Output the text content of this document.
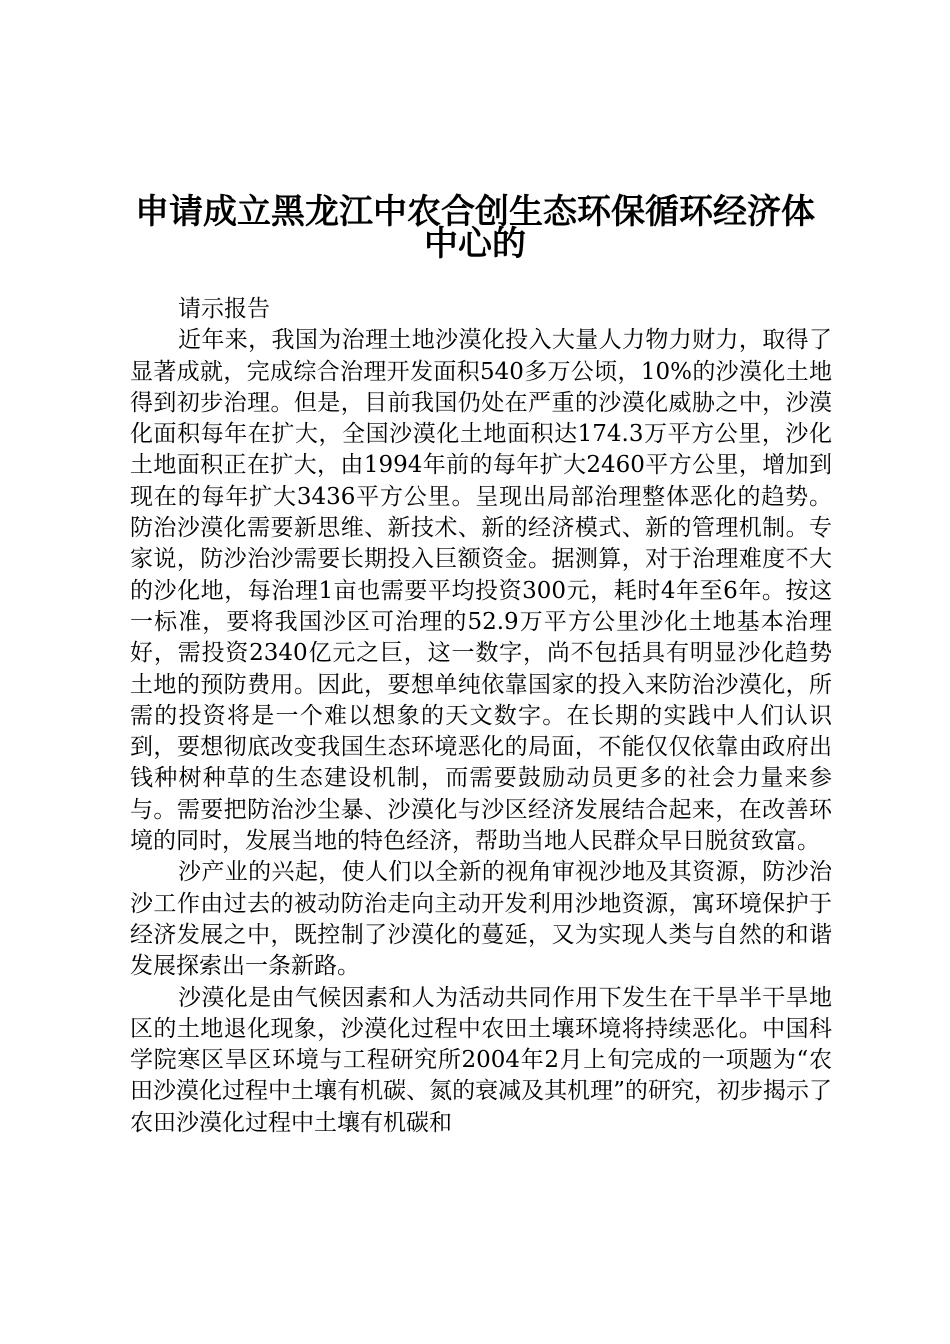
申请成立黑龙江中农合创生态环保循环经济体
中心的

请示报告

近年来，我国为治理土地沙漠化投入大量人力物力财力，取得了显著成就，完成综合治理开发面积540多万公顷，10%的沙漠化土地得到初步治理。但是，目前我国仍处在严重的沙漠化威胁之中，沙漠化面积每年在扩大，全国沙漠化土地面积达174.3万平方公里，沙化土地面积正在扩大，由1994年前的每年扩大2460平方公里，增加到现在的每年扩大3436平方公里。呈现出局部治理整体恶化的趋势。防治沙漠化需要新思维、新技术、新的经济模式、新的管理机制。专家说，防沙治沙需要长期投入巨额资金。据测算，对于治理难度不大的沙化地，每治理1亩也需要平均投资300元，耗时4年至6年。按这一标准，要将我国沙区可治理的52.9万平方公里沙化土地基本治理好，需投资2340亿元之巨，这一数字，尚不包括具有明显沙化趋势土地的预防费用。因此，要想单纯依靠国家的投入来防治沙漠化，所需的投资将是一个难以想象的天文数字。在长期的实践中人们认识到，要想彻底改变我国生态环境恶化的局面，不能仅仅依靠由政府出钱种树种草的生态建设机制，而需要鼓励动员更多的社会力量来参与。需要把防治沙尘暴、沙漠化与沙区经济发展结合起来，在改善环境的同时，发展当地的特色经济，帮助当地人民群众早日脱贫致富。

沙产业的兴起，使人们以全新的视角审视沙地及其资源，防沙治沙工作由过去的被动防治走向主动开发利用沙地资源，寓环境保护于经济发展之中，既控制了沙漠化的蔓延，又为实现人类与自然的和谐发展探索出一条新路。

沙漠化是由气候因素和人为活动共同作用下发生在干旱半干旱地区的土地退化现象，沙漠化过程中农田土壤环境将持续恶化。中国科学院寒区旱区环境与工程研究所2004年2月上旬完成的一项题为“农田沙漠化过程中土壤有机碳、氮的衰减及其机理”的研究，初步揭示了农田沙漠化过程中土壤有机碳和
